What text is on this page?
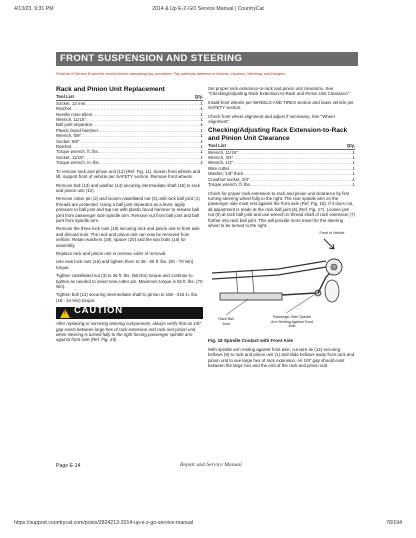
4/13/23, 9:31 PM	2014 & Up E-Z-GO Service Manual | CountryCat
FRONT SUSPENSION AND STEERING
Read all of Section B and this section before attempting any procedure. Pay particular attention to Notices, Cautions, Warnings and Dangers.
Rack and Pinion Unit Replacement
Tool List	Qty.
Socket, 13 mm .....	1
Ratchet .....	1
Needle nose pliers .....	1
Wrench, 11/16" .....	1
Ball joint separator .....	1
Plastic faced hammer .....	1
Wrench, 5/8" .....	1
Socket, 5/8" .....	1
Ratchet .....	1
Torque wrench, ft. lbs. .....	1
Socket, 11/16" .....	1
Torque wrench, in. lbs. .....	1

To remove rack and pinion unit (12) (Ref. Fig. 11), loosen front wheels and lift, support front of vehicle per SAFETY section. Remove front wheels.

Remove bolt (13) and washer (14) securing intermediate shaft (15) to rack and pinion unit (12).

Remove cotter pin (2) and loosen castellated nut (3) until rack ball joint (1) threads are protected. Using a ball joint separator as a lever, apply pressure to ball joint and tap nut with plastic faced hammer to release ball joint from passenger side spindle arm. Remove nut from ball joint and ball joint from spindle arm.

Remove the three lock nuts (18) securing rack and pinion unit to front axle and discard nuts. The rack and pinion unit can now be removed from vehicle. Retain washers (19), spacer (20) and the two bolts (16) for assembly.

Replace rack and pinion unit in reverse order of removal.

Use new lock nuts (18) and tighten them to 35 - 50 ft. lbs. (50 - 70 Nm) torque.

Tighten castellated nut (3) to 36 ft. lbs. (50 Nm) torque and continue to tighten as needed to insert new cotter pin. Maximum torque is 50 ft. lbs. (70 Nm).

Tighten bolt (13) securing intermediate shaft to pinion to 155 - 215 in. lbs. (18 - 24 Nm) torque.

!
CAUTION

After replacing or servicing steering components, always verify that an 1/8" gap exists between large hex of rack extension and rack and pinion unit when steering is turned fully to the right forcing passenger spindle arm against front axle (Ref. Fig. 19)

Set proper rack extension-to-rack and pinion unit clearance. See "Checking/Adjusting Rack Extension-to-Rack and Pinion Unit Clearance".

Install front wheels per WHEELS AND TIRES section and lower vehicle per SAFETY section.

Check front wheel alignment and adjust if necessary. See "Wheel Alignment".

Checking/Adjusting Rack Extension-to-Rack and Pinion Unit Clearance
Tool List	Qty.
Wrench, 11/16" .....	1
Wrench, 3/4" .....	1
Wrench, 1/2" .....	1
Wire cutter .....	1
Washer, 1/8" thick .....	1
Crowfoot socket, 3/4" .....	1
Torque wrench, ft. lbs. .....	1

Check for proper rack extension-to-rack and pinion unit clearance by first turning steering wheel fully to the right. The rear spindle arm on the passenger side must rest against the front axle (Ref. Fig. 18). If it does not, all adjustment is made at the rack ball joint (6) (Ref. Fig. 17). Loosen jam nut (5) at rack ball joint and use wrench to thread shaft of rack extension (7) further into rack ball joint. This will provide more travel for the steering wheel to be turned to the right.

Front of Vehicle
Rack Ball Joint
Passenger Side Spindle Arm Resting Against Front Axle
Fig. 18 Spindle Contact with Front Axle

With spindle arm resting against front axle, cut wire tie (14) securing bellows (9) to rack and pinion unit (1) and slide bellows away from rack and pinion unit to see large hex of rack extension. An 1/8" gap should exist between the large hex and the end of the rack and pinion unit.

Page E-14	Repair and Service Manual
https://support.countrycat.com/posts/2824213-2014-up-e-z-go-service-manual	78/194
